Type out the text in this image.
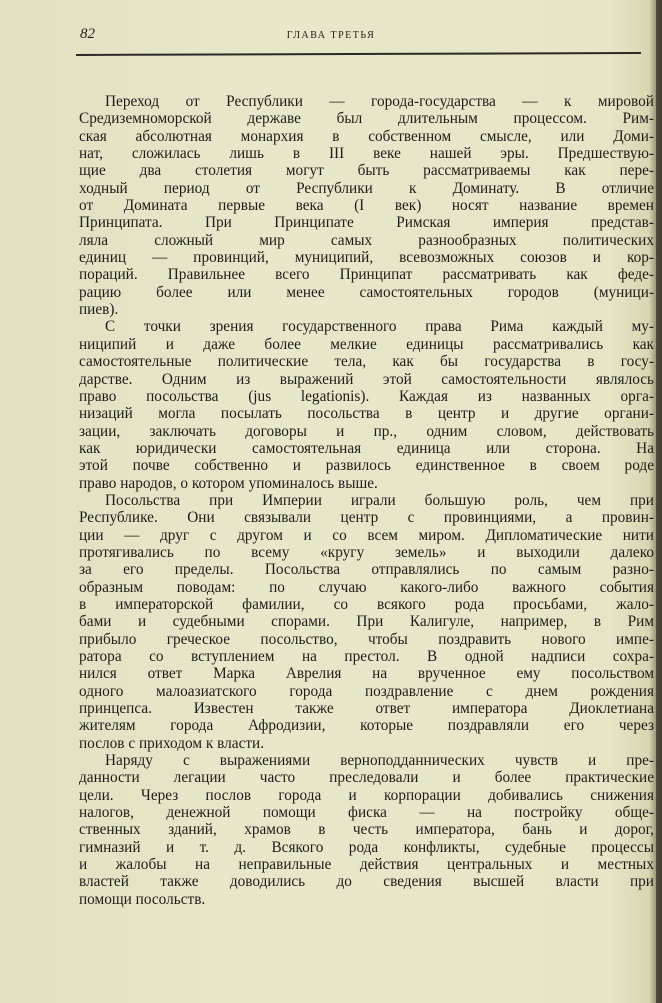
82	ГЛАВА ТРЕТЬЯ
Переход от Республики — города-государства — к мировой
Средиземноморской державе был длительным процессом. Рим-
ская абсолютная монархия в собственном смысле, или Доми-
нат, сложилась лишь в III веке нашей эры. Предшествую-
щие два столетия могут быть рассматриваемы как пере-
ходный период от Республики к Доминату. В отличие
от Домината первые века (I век) носят название времен
Принципата. При Принципате Римская империя представ-
ляла сложный мир самых разнообразных политических
единиц — провинций, муниципий, всевозможных союзов и кор-
пораций. Правильнее всего Принципат рассматривать как феде-
рацию более или менее самостоятельных городов (муници-
пиев).
С точки зрения государственного права Рима каждый му-
ниципий и даже более мелкие единицы рассматривались как
самостоятельные политические тела, как бы государства в госу-
дарстве. Одним из выражений этой самостоятельности являлось
право посольства (jus legationis). Каждая из названных орга-
низаций могла посылать посольства в центр и другие органи-
зации, заключать договоры и пр., одним словом, действовать
как юридически самостоятельная единица или сторона. На
этой почве собственно и развилось единственное в своем роде
право народов, о котором упоминалось выше.
Посольства при Империи играли большую роль, чем при
Республике. Они связывали центр с провинциями, а провин-
ции — друг с другом и со всем миром. Дипломатические нити
протягивались по всему «кругу земель» и выходили далеко
за его пределы. Посольства отправлялись по самым разно-
образным поводам: по случаю какого-либо важного события
в императорской фамилии, со всякого рода просьбами, жало-
бами и судебными спорами. При Калигуле, например, в Рим
прибыло греческое посольство, чтобы поздравить нового импе-
ратора со вступлением на престол. В одной надписи сохра-
нился ответ Марка Аврелия на врученное ему посольством
одного малоазиатского города поздравление с днем рождения
принцепса. Известен также ответ императора Диоклетиана
жителям города Афродизии, которые поздравляли его через
послов с приходом к власти.
Наряду с выражениями верноподданнических чувств и пре-
данности легации часто преследовали и более практические
цели. Через послов города и корпорации добивались снижения
налогов, денежной помощи фиска — на постройку обще-
ственных зданий, храмов в честь императора, бань и дорог,
гимназий и т. д. Всякого рода конфликты, судебные процессы
и жалобы на неправильные действия центральных и местных
властей также доводились до сведения высшей власти при
помощи посольств.
